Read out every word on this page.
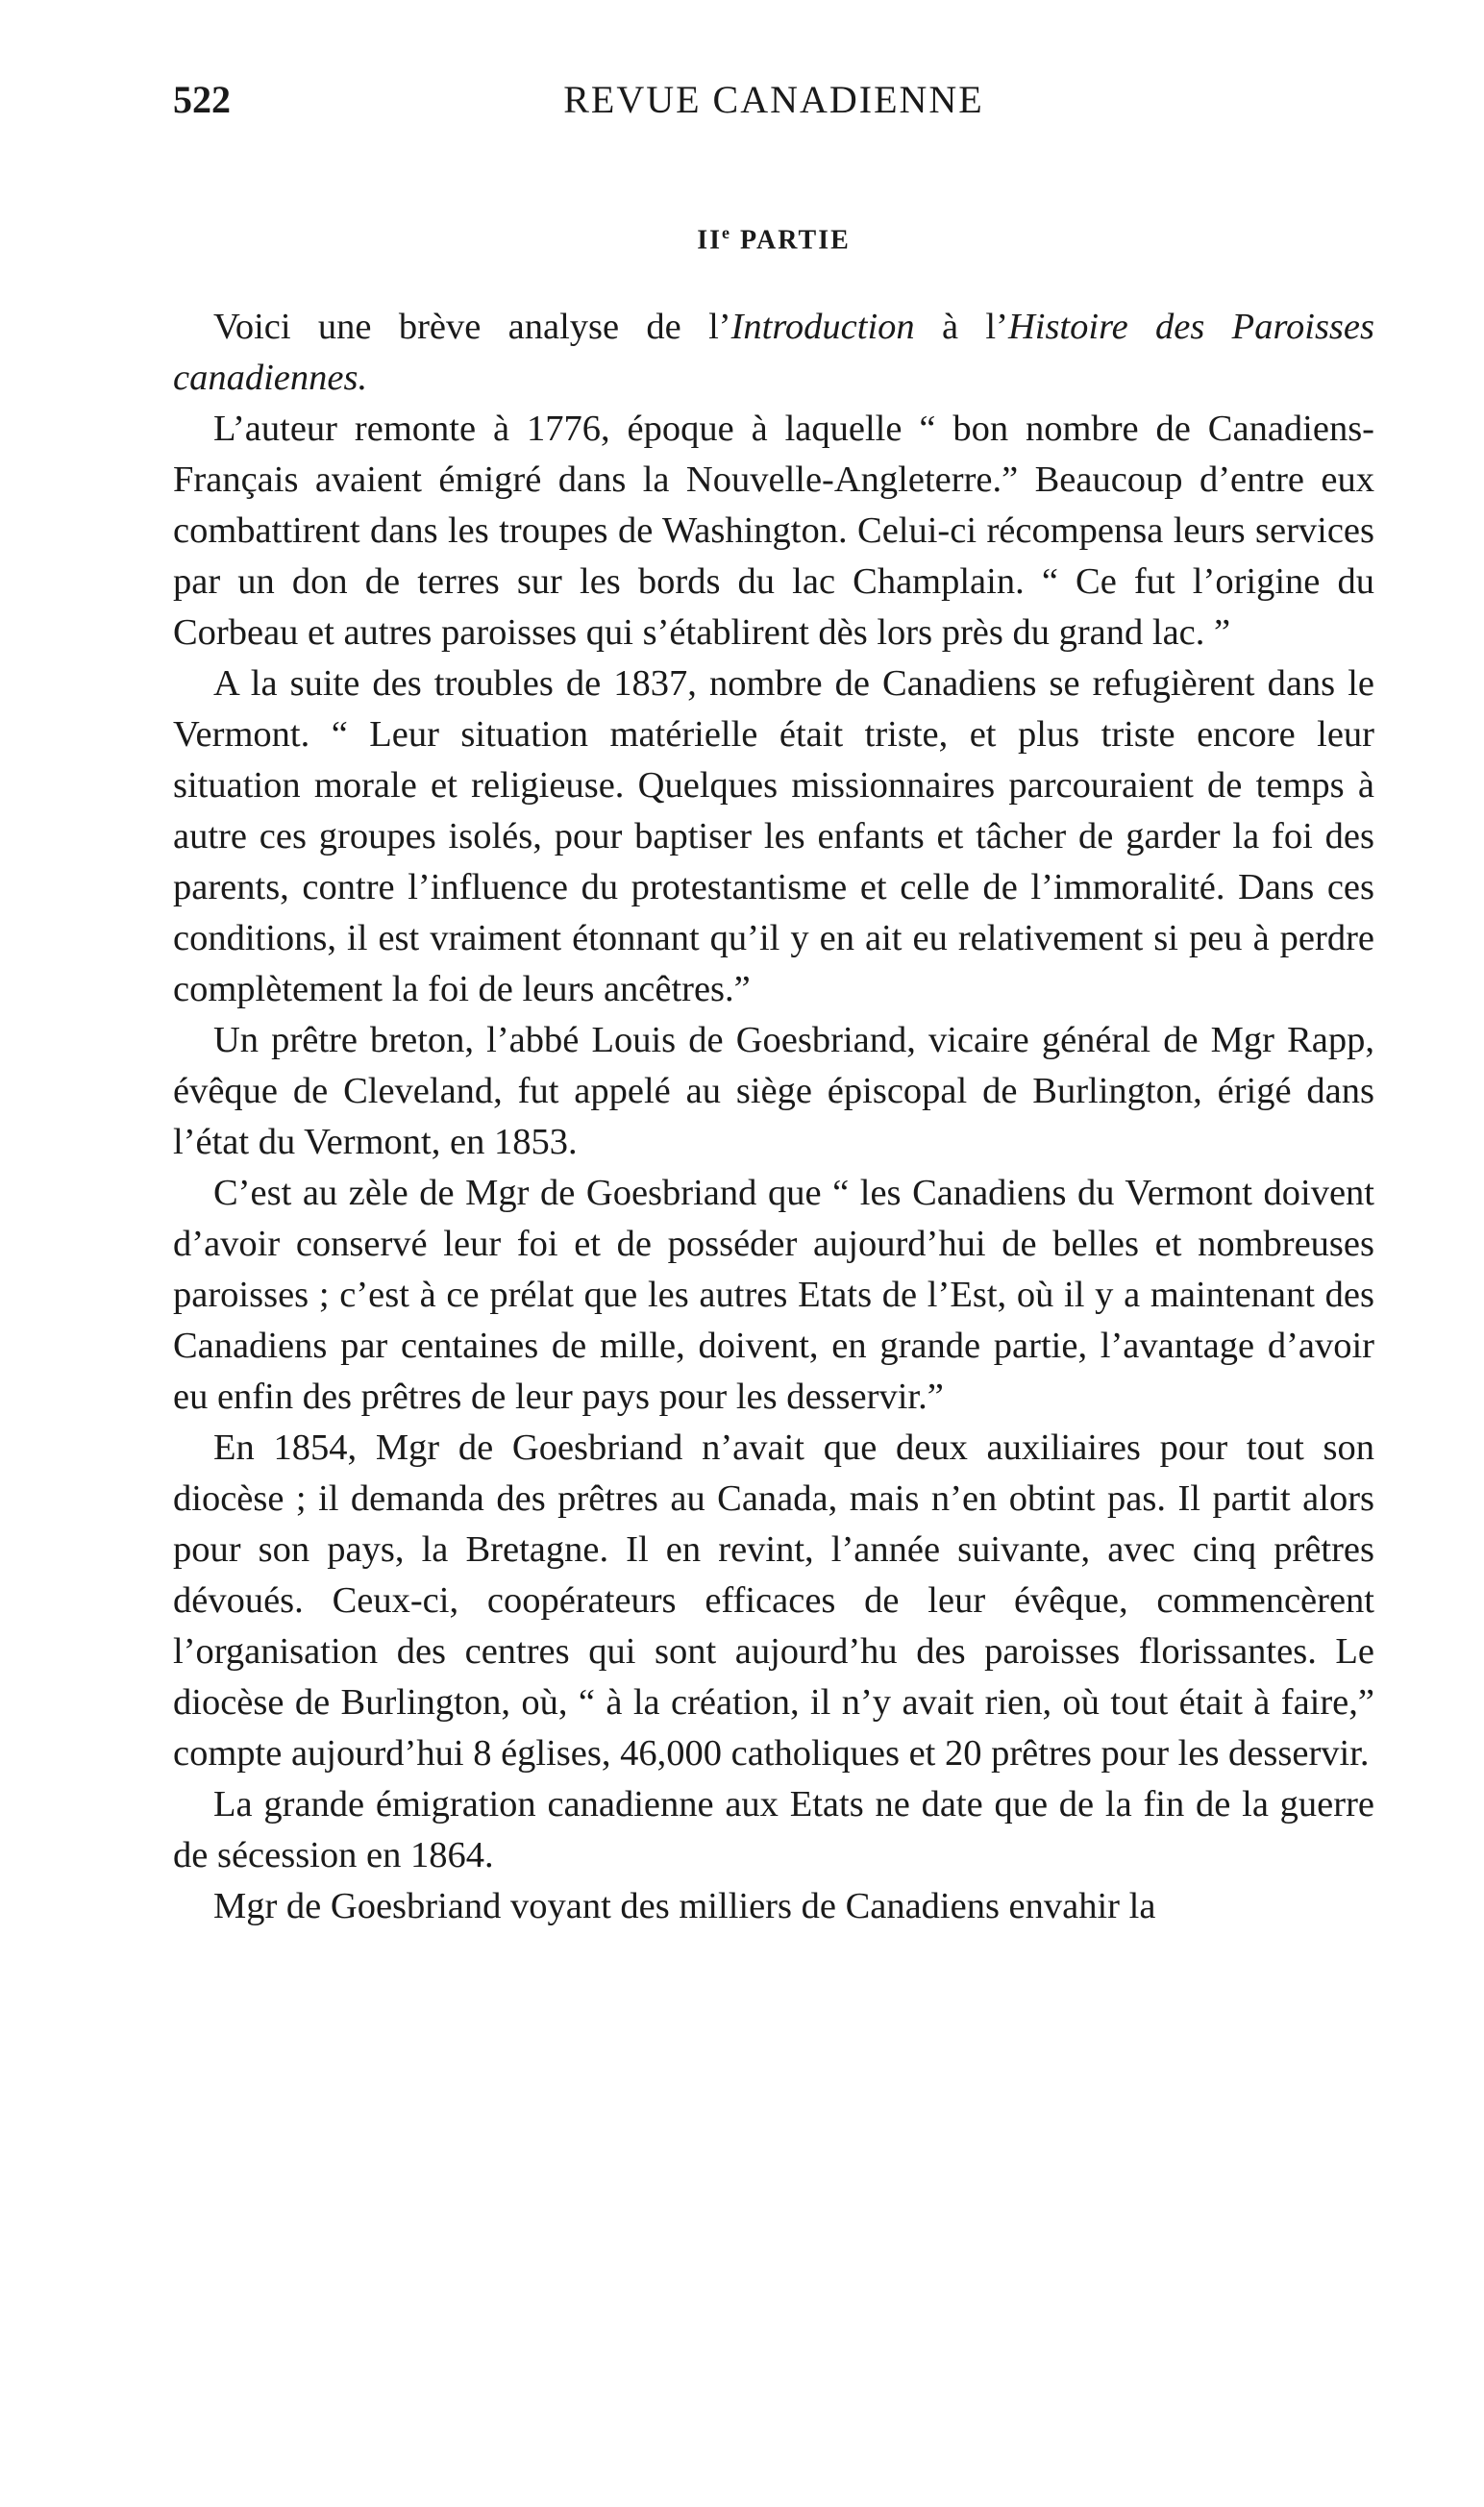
522	REVUE CANADIENNE
IIe PARTIE

Voici une brève analyse de l’Introduction à l’Histoire des Paroisses canadiennes.

L’auteur remonte à 1776, époque à laquelle “ bon nombre de Canadiens-Français avaient émigré dans la Nouvelle-Angleterre.” Beaucoup d’entre eux combattirent dans les troupes de Washington. Celui-ci récompensa leurs services par un don de terres sur les bords du lac Champlain. “ Ce fut l’origine du Corbeau et autres paroisses qui s’établirent dès lors près du grand lac. ”

A la suite des troubles de 1837, nombre de Canadiens se refugièrent dans le Vermont. “ Leur situation matérielle était triste, et plus triste encore leur situation morale et religieuse. Quelques missionnaires parcouraient de temps à autre ces groupes isolés, pour baptiser les enfants et tâcher de garder la foi des parents, contre l’influence du protestantisme et celle de l’immoralité. Dans ces conditions, il est vraiment étonnant qu’il y en ait eu relativement si peu à perdre complètement la foi de leurs ancêtres.”

Un prêtre breton, l’abbé Louis de Goesbriand, vicaire général de Mgr Rapp, évêque de Cleveland, fut appelé au siège épiscopal de Burlington, érigé dans l’état du Vermont, en 1853.

C’est au zèle de Mgr de Goesbriand que “ les Canadiens du Vermont doivent d’avoir conservé leur foi et de posséder aujourd’hui de belles et nombreuses paroisses ; c’est à ce prélat que les autres Etats de l’Est, où il y a maintenant des Canadiens par centaines de mille, doivent, en grande partie, l’avantage d’avoir eu enfin des prêtres de leur pays pour les desservir.”

En 1854, Mgr de Goesbriand n’avait que deux auxiliaires pour tout son diocèse ; il demanda des prêtres au Canada, mais n’en obtint pas. Il partit alors pour son pays, la Bretagne. Il en revint, l’année suivante, avec cinq prêtres dévoués. Ceux-ci, coopérateurs efficaces de leur évêque, commencèrent l’organisation des centres qui sont aujourd’hu des paroisses florissantes. Le diocèse de Burlington, où, “ à la création, il n’y avait rien, où tout était à faire,” compte aujourd’hui 8 églises, 46,000 catholiques et 20 prêtres pour les desservir.

La grande émigration canadienne aux Etats ne date que de la fin de la guerre de sécession en 1864.

Mgr de Goesbriand voyant des milliers de Canadiens envahir la
